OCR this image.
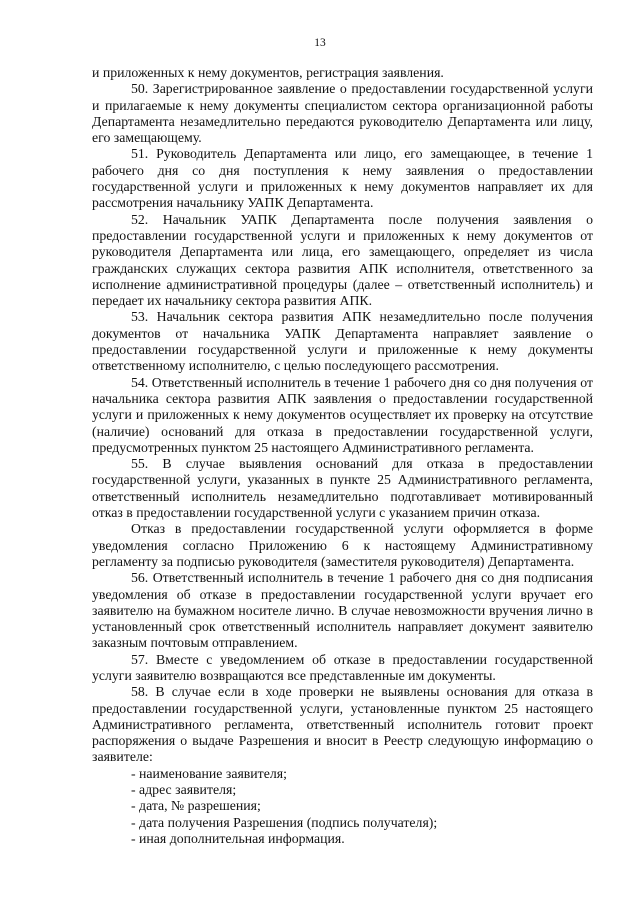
13

и приложенных к нему документов, регистрация заявления.

50. Зарегистрированное заявление о предоставлении государственной услуги и прилагаемые к нему документы специалистом сектора организационной работы Департамента незамедлительно передаются руководителю Департамента или лицу, его замещающему.

51. Руководитель Департамента или лицо, его замещающее, в течение 1 рабочего дня со дня поступления к нему заявления о предоставлении государственной услуги и приложенных к нему документов направляет их для рассмотрения начальнику УАПК Департамента.

52. Начальник УАПК Департамента после получения заявления о предоставлении государственной услуги и приложенных к нему документов от руководителя Департамента или лица, его замещающего, определяет из числа гражданских служащих сектора развития АПК исполнителя, ответственного за исполнение административной процедуры (далее – ответственный исполнитель) и передает их начальнику сектора развития АПК.

53. Начальник сектора развития АПК незамедлительно после получения документов от начальника УАПК Департамента направляет заявление о предоставлении государственной услуги и приложенные к нему документы ответственному исполнителю, с целью последующего рассмотрения.

54. Ответственный исполнитель в течение 1 рабочего дня со дня получения от начальника сектора развития АПК заявления о предоставлении государственной услуги и приложенных к нему документов осуществляет их проверку на отсутствие (наличие) оснований для отказа в предоставлении государственной услуги, предусмотренных пунктом 25 настоящего Административного регламента.

55. В случае выявления оснований для отказа в предоставлении государственной услуги, указанных в пункте 25 Административного регламента, ответственный исполнитель незамедлительно подготавливает мотивированный отказ в предоставлении государственной услуги с указанием причин отказа.

Отказ в предоставлении государственной услуги оформляется в форме уведомления согласно Приложению 6 к настоящему Административному регламенту за подписью руководителя (заместителя руководителя) Департамента.

56. Ответственный исполнитель в течение 1 рабочего дня со дня подписания уведомления об отказе в предоставлении государственной услуги вручает его заявителю на бумажном носителе лично. В случае невозможности вручения лично в установленный срок ответственный исполнитель направляет документ заявителю заказным почтовым отправлением.

57. Вместе с уведомлением об отказе в предоставлении государственной услуги заявителю возвращаются все представленные им документы.

58. В случае если в ходе проверки не выявлены основания для отказа в предоставлении государственной услуги, установленные пунктом 25 настоящего Административного регламента, ответственный исполнитель готовит проект распоряжения о выдаче Разрешения и вносит в Реестр следующую информацию о заявителе:

- наименование заявителя;
- адрес заявителя;
- дата, № разрешения;
- дата получения Разрешения (подпись получателя);
- иная дополнительная информация.
